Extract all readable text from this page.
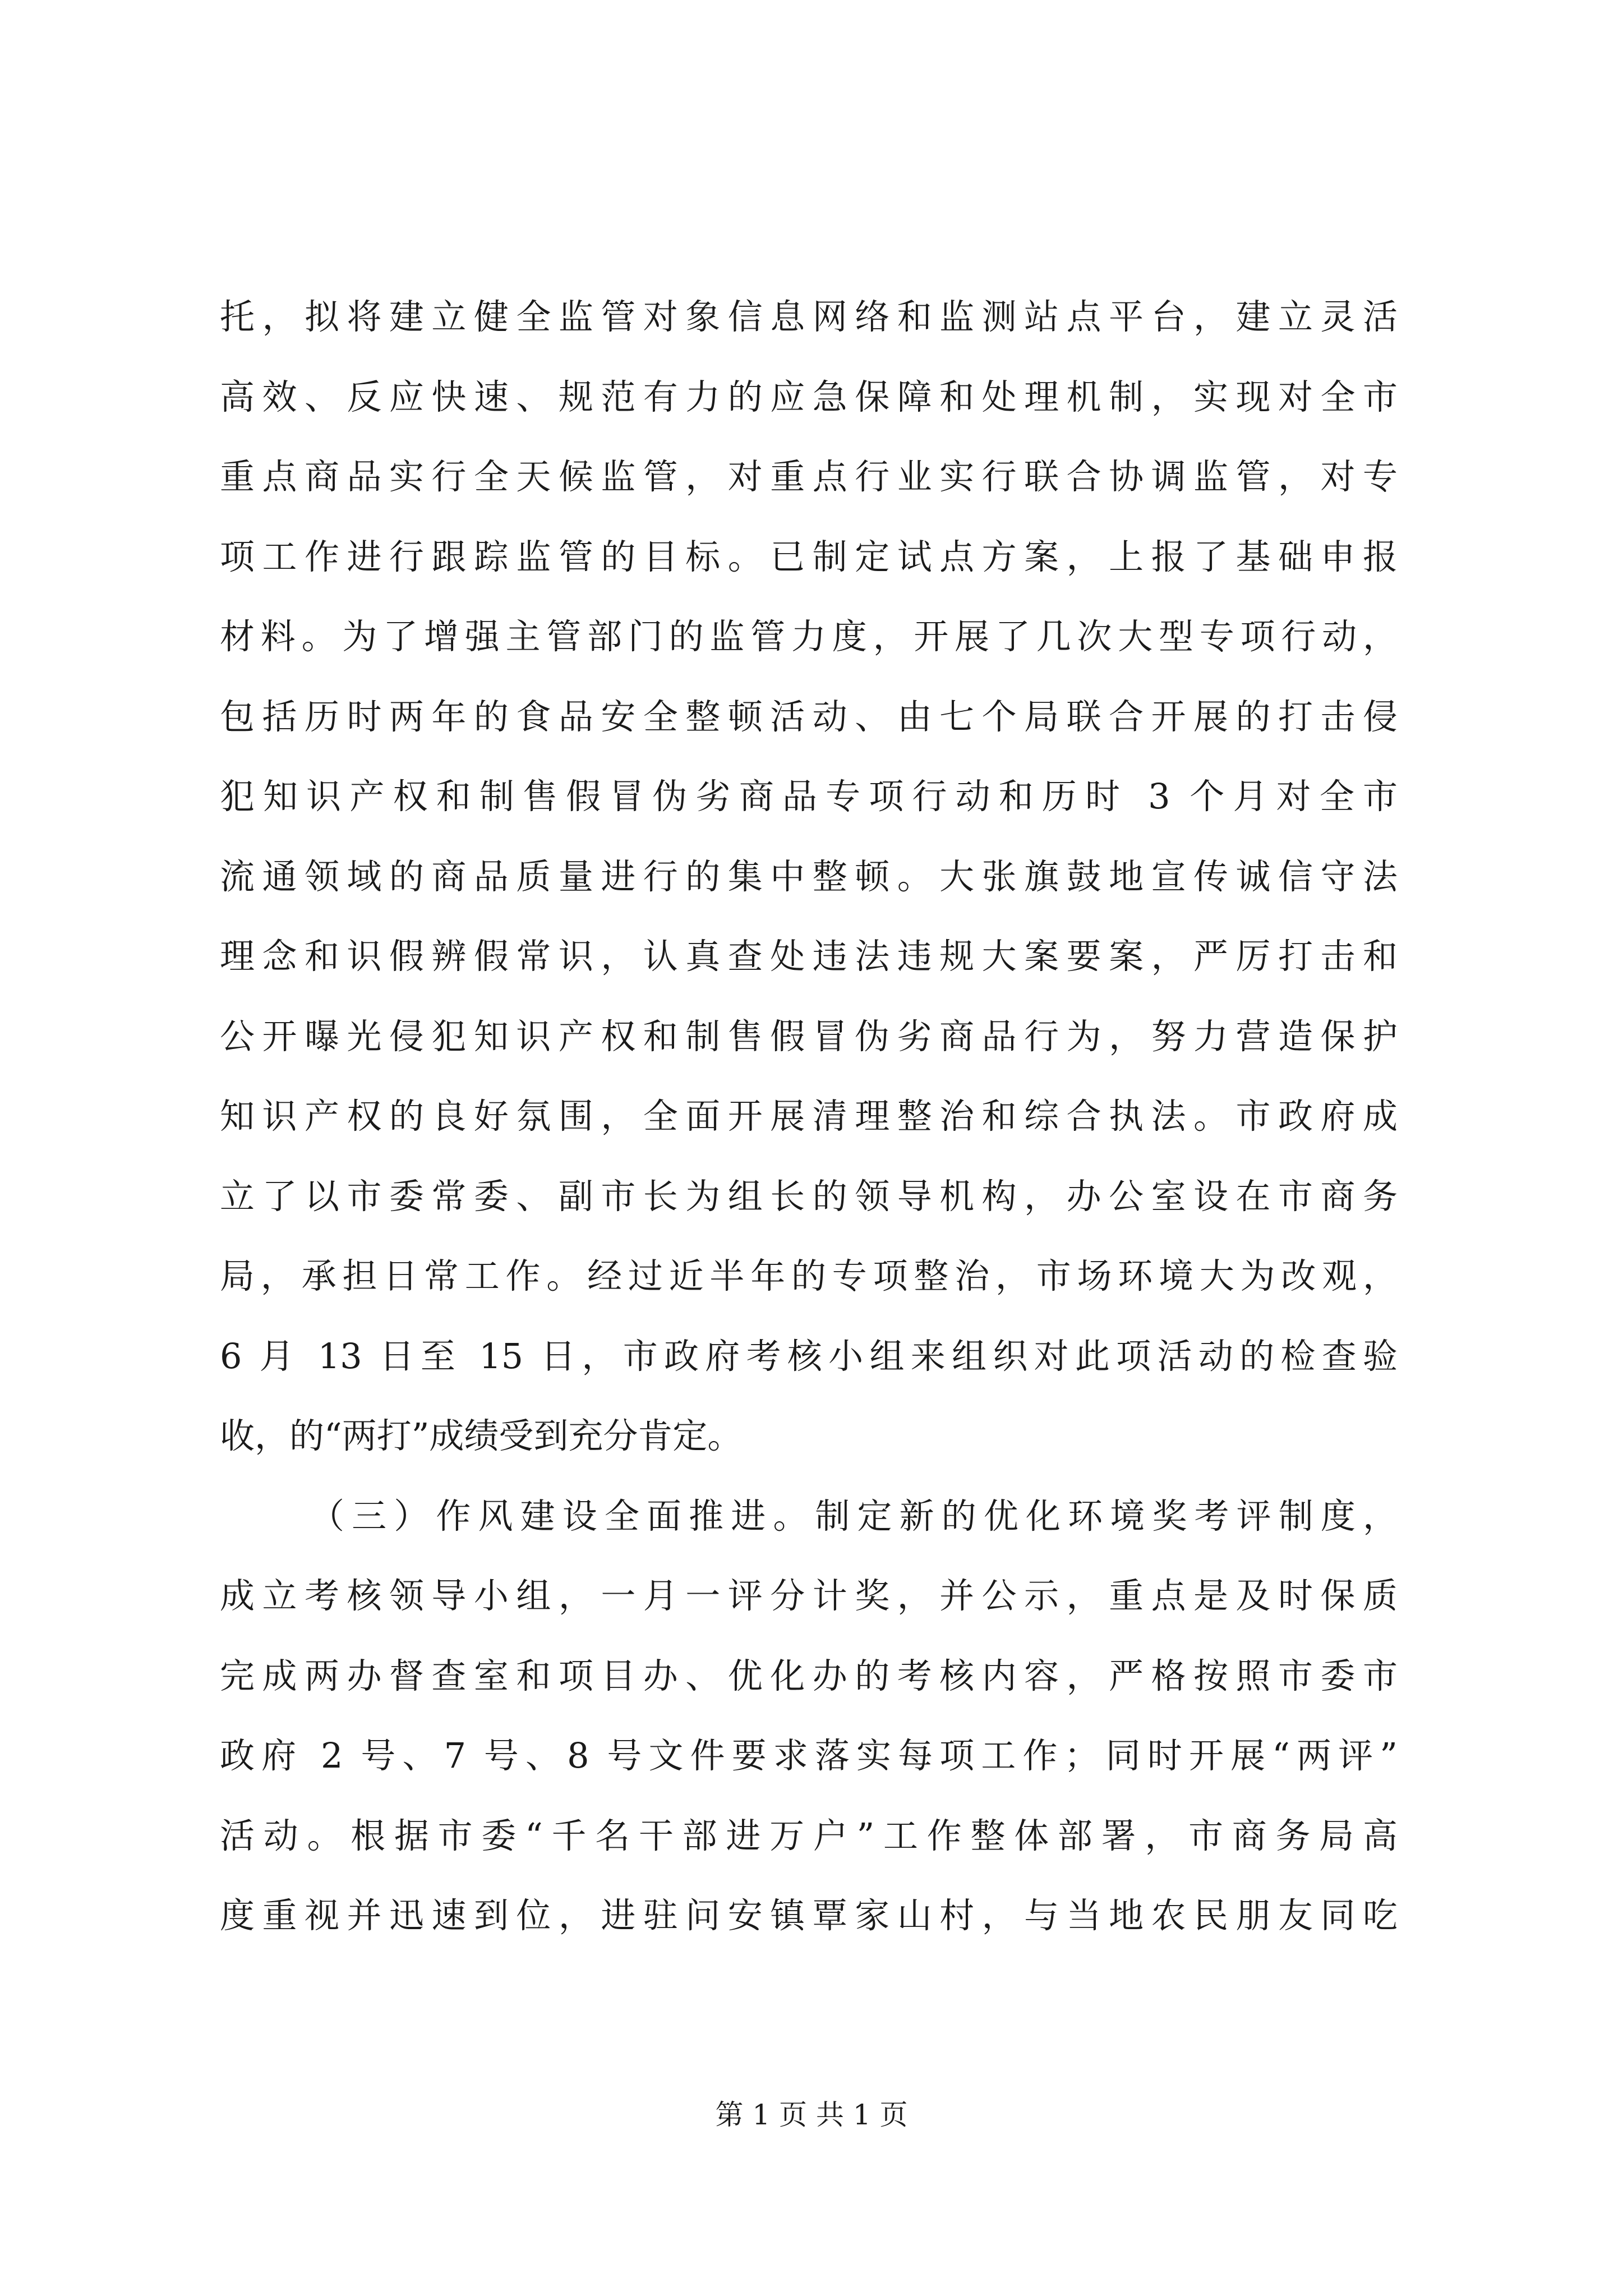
托，拟将建立健全监管对象信息网络和监测站点平台，建立灵活
高效、反应快速、规范有力的应急保障和处理机制，实现对全市
重点商品实行全天候监管，对重点行业实行联合协调监管，对专
项工作进行跟踪监管的目标。已制定试点方案，上报了基础申报
材料。为了增强主管部门的监管力度，开展了几次大型专项行动，
包括历时两年的食品安全整顿活动、由七个局联合开展的打击侵
犯知识产权和制售假冒伪劣商品专项行动和历时 3 个月对全市
流通领域的商品质量进行的集中整顿。大张旗鼓地宣传诚信守法
理念和识假辨假常识，认真查处违法违规大案要案，严厉打击和
公开曝光侵犯知识产权和制售假冒伪劣商品行为，努力营造保护
知识产权的良好氛围，全面开展清理整治和综合执法。市政府成
立了以市委常委、副市长为组长的领导机构，办公室设在市商务
局，承担日常工作。经过近半年的专项整治，市场环境大为改观，
6 月 13 日至 15 日，市政府考核小组来组织对此项活动的检查验
收，的“两打”成绩受到充分肯定。
（三）作风建设全面推进。制定新的优化环境奖考评制度，
成立考核领导小组，一月一评分计奖，并公示，重点是及时保质
完成两办督查室和项目办、优化办的考核内容，严格按照市委市
政府 2 号、7 号、8 号文件要求落实每项工作；同时开展“两评”
活动。根据市委“千名干部进万户”工作整体部署，市商务局高
度重视并迅速到位，进驻问安镇覃家山村，与当地农民朋友同吃
第 1 页 共 1 页
